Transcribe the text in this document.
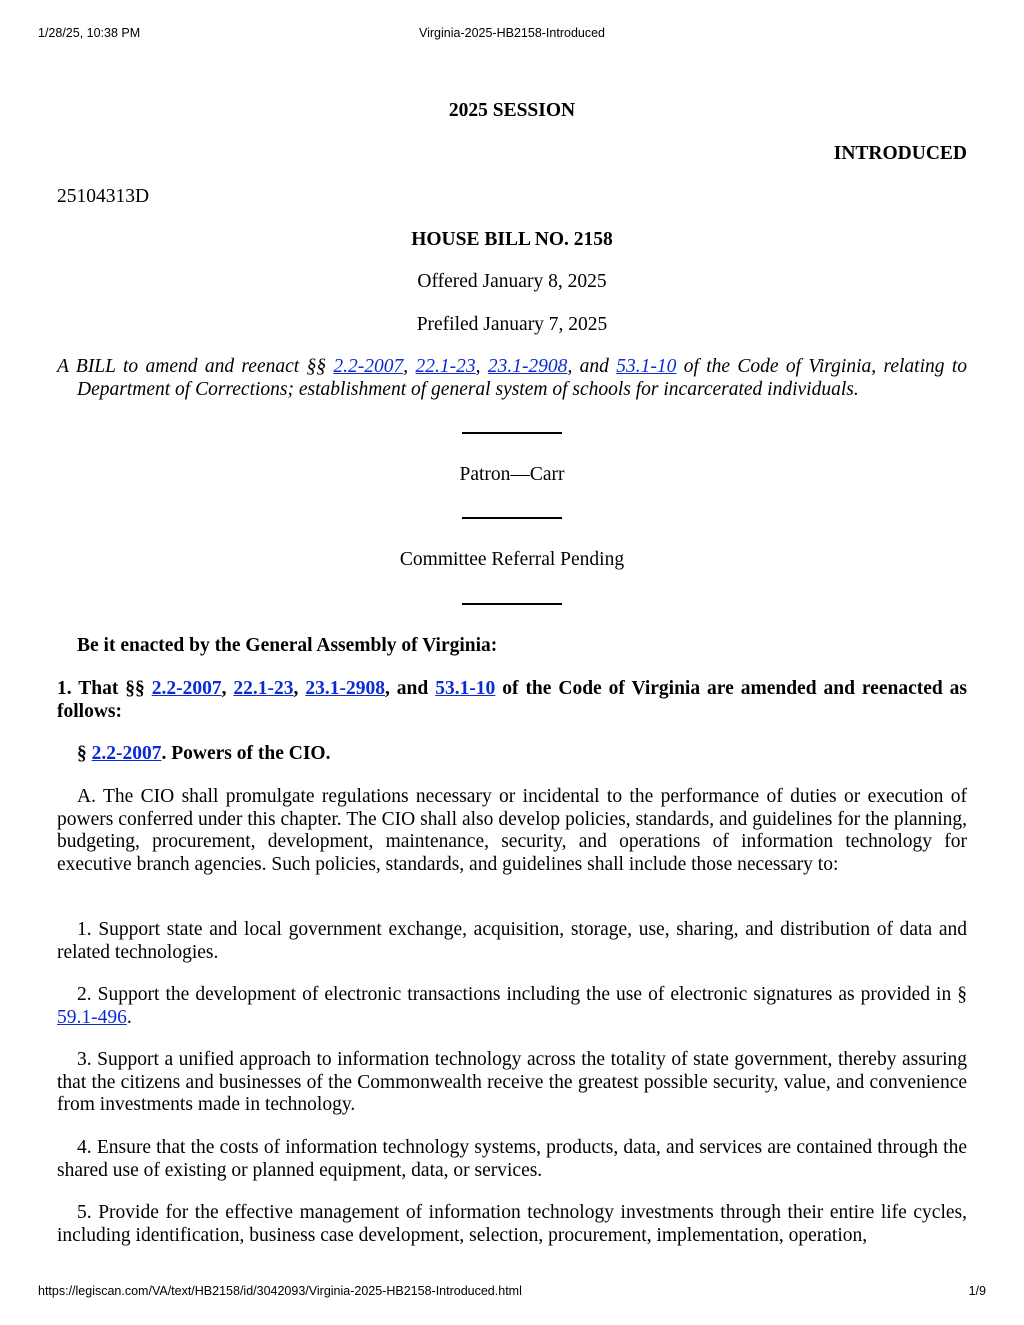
1/28/25, 10:38 PM	Virginia-2025-HB2158-Introduced

2025 SESSION

INTRODUCED

25104313D

HOUSE BILL NO. 2158

Offered January 8, 2025

Prefiled January 7, 2025

A BILL to amend and reenact §§ 2.2-2007, 22.1-23, 23.1-2908, and 53.1-10 of the Code of Virginia, relating to Department of Corrections; establishment of general system of schools for incarcerated individuals.

Patron—Carr

Committee Referral Pending

Be it enacted by the General Assembly of Virginia:

1. That §§ 2.2-2007, 22.1-23, 23.1-2908, and 53.1-10 of the Code of Virginia are amended and reenacted as follows:

§ 2.2-2007. Powers of the CIO.

A. The CIO shall promulgate regulations necessary or incidental to the performance of duties or execution of powers conferred under this chapter. The CIO shall also develop policies, standards, and guidelines for the planning, budgeting, procurement, development, maintenance, security, and operations of information technology for executive branch agencies. Such policies, standards, and guidelines shall include those necessary to:

1. Support state and local government exchange, acquisition, storage, use, sharing, and distribution of data and related technologies.

2. Support the development of electronic transactions including the use of electronic signatures as provided in § 59.1-496.

3. Support a unified approach to information technology across the totality of state government, thereby assuring that the citizens and businesses of the Commonwealth receive the greatest possible security, value, and convenience from investments made in technology.

4. Ensure that the costs of information technology systems, products, data, and services are contained through the shared use of existing or planned equipment, data, or services.

5. Provide for the effective management of information technology investments through their entire life cycles, including identification, business case development, selection, procurement, implementation, operation,

https://legiscan.com/VA/text/HB2158/id/3042093/Virginia-2025-HB2158-Introduced.html	1/9
